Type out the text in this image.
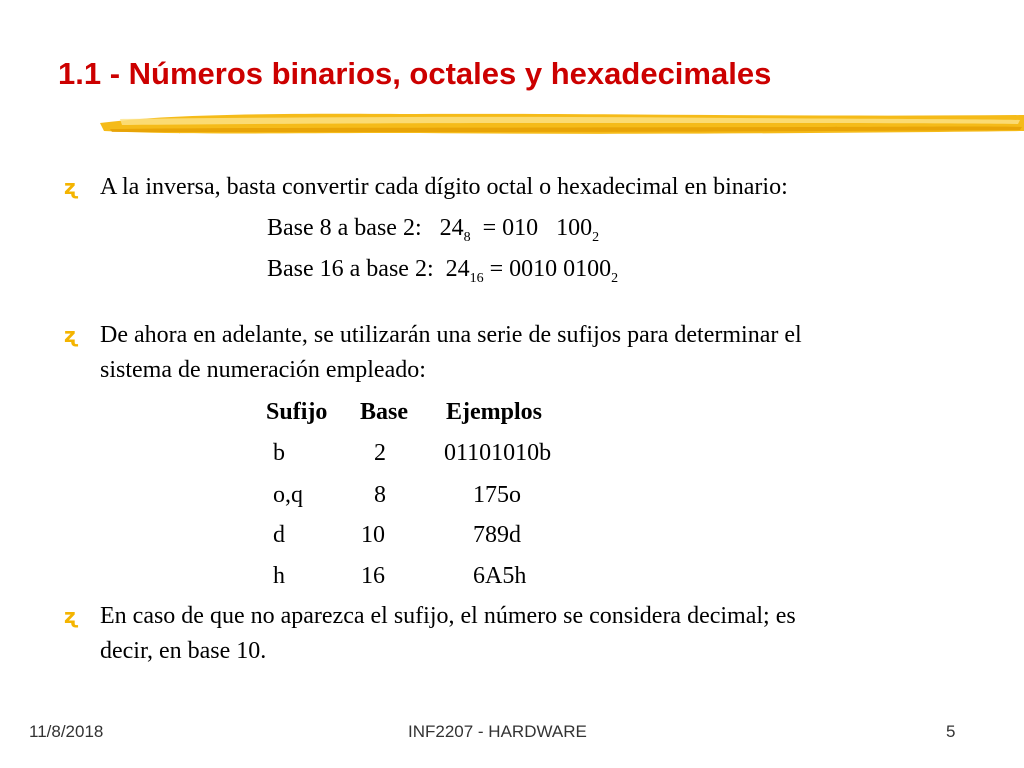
1.1 - Números binarios, octales y hexadecimales
ʐ A la inversa, basta convertir cada dígito octal o hexadecimal en binario:
Base 8 a base 2:   $24_8 = 010$   $100_2$
Base 16 a base 2:  $24_{16} = 0010$ $0100_2$
ʐ De ahora en adelante, se utilizarán una serie de sufijos para determinar el
sistema de numeración empleado:
Sufijo Base Ejemplos
b	2 01101010b
o,q	8	175o
d	10	789d
h	16	6A5h
ʐ En caso de que no aparezca el sufijo, el número se considera decimal; es
decir, en base 10.
11/8/2018	INF2207 - HARDWARE	5
